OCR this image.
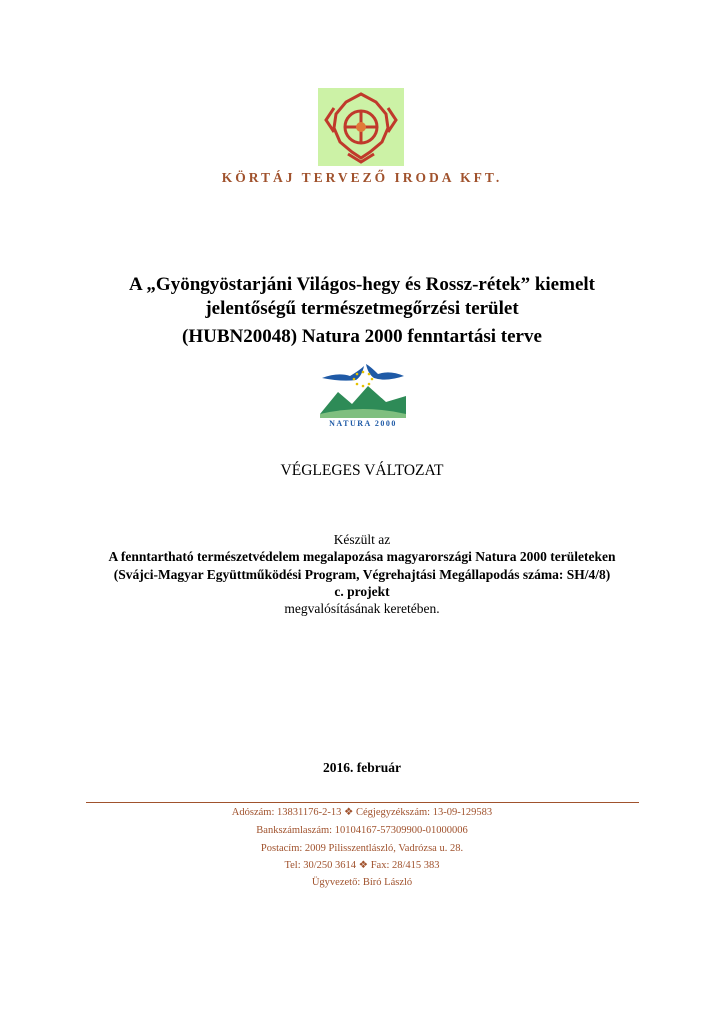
KÖRTÁJ TERVEZŐ IRODA KFT.
A „Gyöngyöstarjáni Világos-hegy és Rossz-rétek” kiemelt
jelentőségű természetmegőrzési terület
(HUBN20048) Natura 2000 fenntartási terve
NATURA 2000
VÉGLEGES VÁLTOZAT
Készült az
A fenntartható természetvédelem megalapozása magyarországi Natura 2000 területeken
(Svájci-Magyar Együttműködési Program, Végrehajtási Megállapodás száma: SH/4/8)
c. projekt
megvalósításának keretében.
2016. február
Adószám: 13831176-2-13 ❖ Cégjegyzékszám: 13-09-129583
Bankszámlaszám: 10104167-57309900-01000006
Postacím: 2009 Pilisszentlászló, Vadrózsa u. 28.
Tel: 30/250 3614 ❖ Fax: 28/415 383
Ügyvezető: Bíró László
